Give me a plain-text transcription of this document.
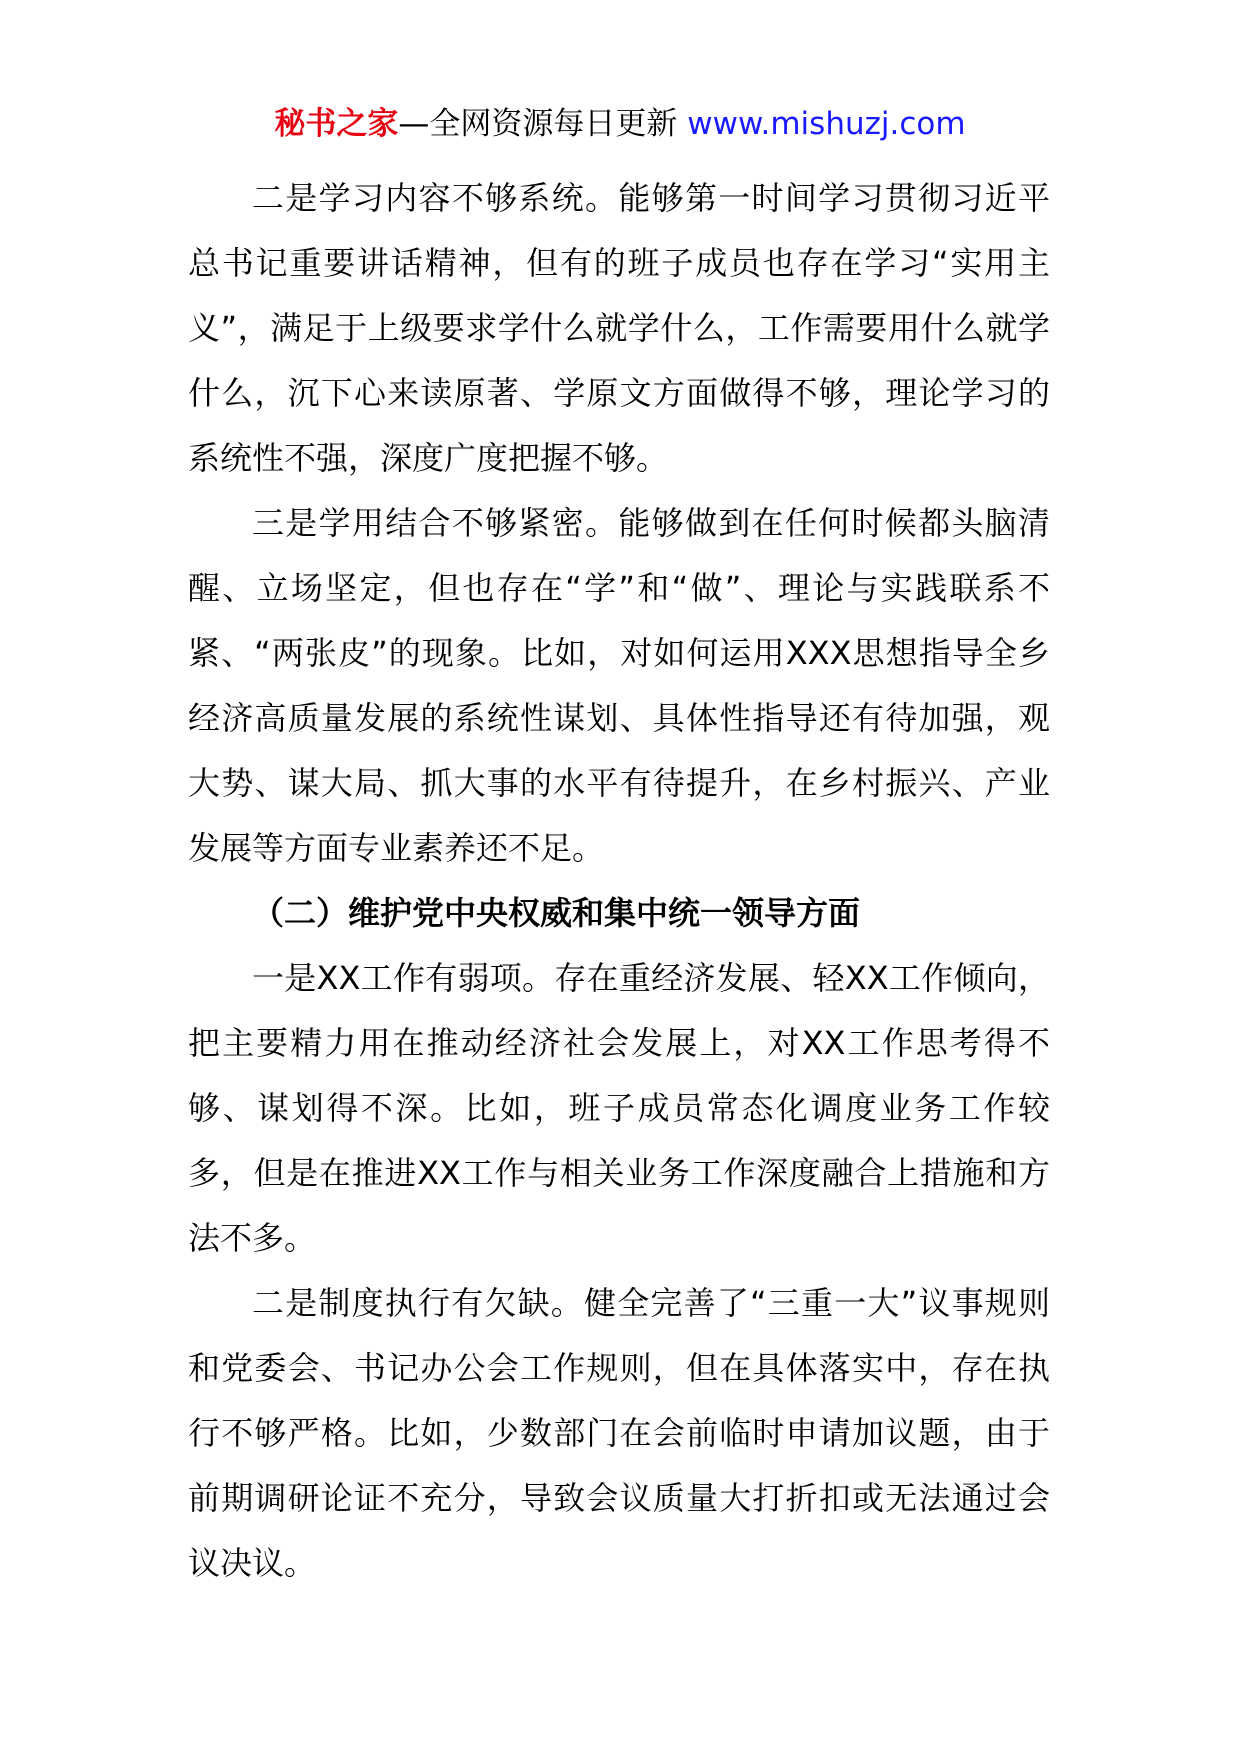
秘书之家—全网资源每日更新 www.mishuzj.com

二是学习内容不够系统。能够第一时间学习贯彻习近平总书记重要讲话精神，但有的班子成员也存在学习“实用主义”，满足于上级要求学什么就学什么，工作需要用什么就学什么，沉下心来读原著、学原文方面做得不够，理论学习的系统性不强，深度广度把握不够。

三是学用结合不够紧密。能够做到在任何时候都头脑清醒、立场坚定，但也存在“学”和“做”、理论与实践联系不紧、“两张皮”的现象。比如，对如何运用XXX思想指导全乡经济高质量发展的系统性谋划、具体性指导还有待加强，观大势、谋大局、抓大事的水平有待提升，在乡村振兴、产业发展等方面专业素养还不足。

（二）维护党中央权威和集中统一领导方面

一是XX工作有弱项。存在重经济发展、轻XX工作倾向，把主要精力用在推动经济社会发展上，对XX工作思考得不够、谋划得不深。比如，班子成员常态化调度业务工作较多，但是在推进XX工作与相关业务工作深度融合上措施和方法不多。

二是制度执行有欠缺。健全完善了“三重一大”议事规则和党委会、书记办公会工作规则，但在具体落实中，存在执行不够严格。比如，少数部门在会前临时申请加议题，由于前期调研论证不充分，导致会议质量大打折扣或无法通过会议决议。
